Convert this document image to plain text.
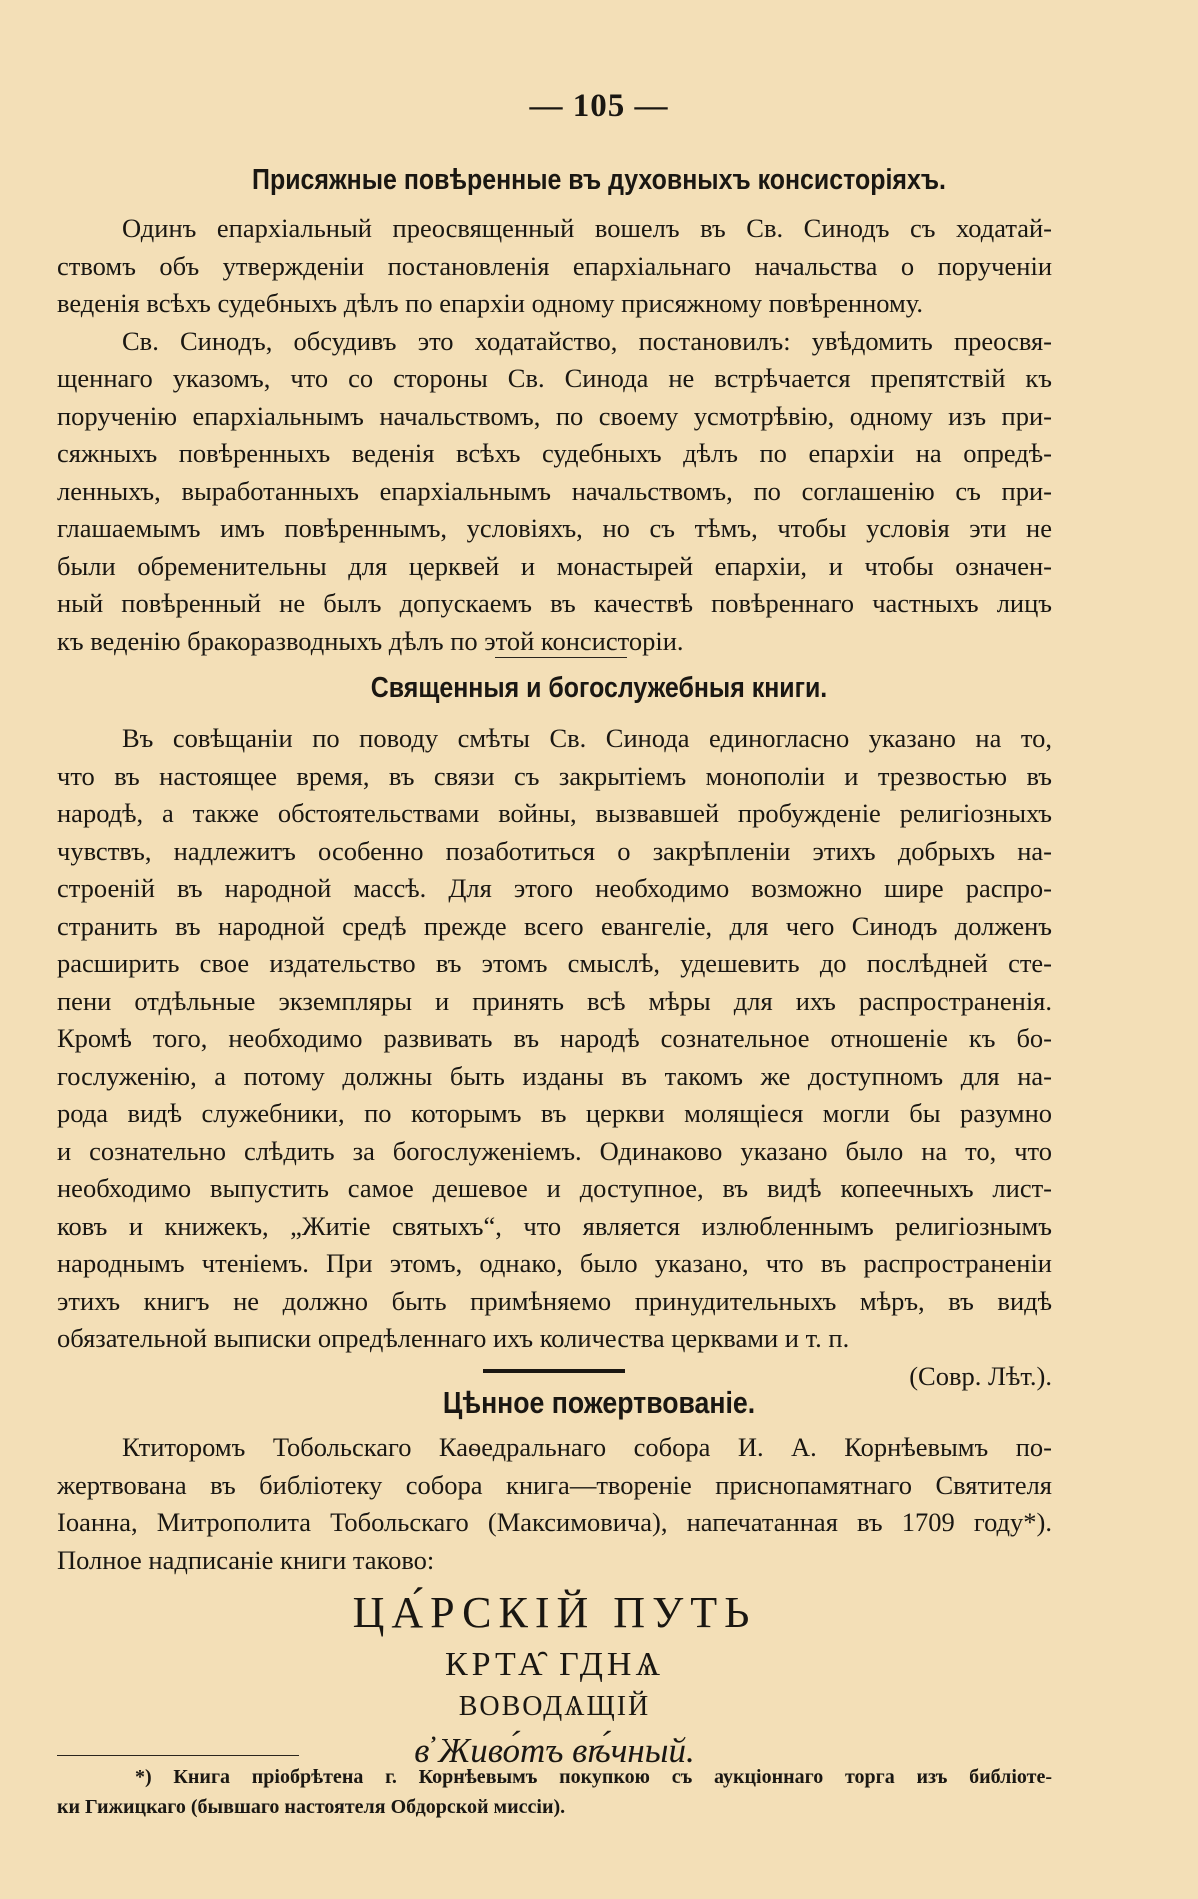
— 105 —
Присяжные повѣренные въ духовныхъ консисторіяхъ.
Одинъ епархіальный преосвященный вошелъ въ Св. Синодъ съ ходатай-
ствомъ объ утвержденіи постановленія епархіальнаго начальства о порученіи
веденія всѣхъ судебныхъ дѣлъ по епархіи одному присяжному повѣренному.
Св. Синодъ, обсудивъ это ходатайство, постановилъ: увѣдомить преосвя-
щеннаго указомъ, что со стороны Св. Синода не встрѣчается препятствій къ
порученію епархіальнымъ начальствомъ, по своему усмотрѣвію, одному изъ при-
сяжныхъ повѣренныхъ веденія всѣхъ судебныхъ дѣлъ по епархіи на опредѣ-
ленныхъ, выработанныхъ епархіальнымъ начальствомъ, по соглашенію съ при-
глашаемымъ имъ повѣреннымъ, условіяхъ, но съ тѣмъ, чтобы условія эти не
были обременительны для церквей и монастырей епархіи, и чтобы означен-
ный повѣренный не былъ допускаемъ въ качествѣ повѣреннаго частныхъ лицъ
къ веденію бракоразводныхъ дѣлъ по этой консисторіи.
Священныя и богослужебныя книги.
Въ совѣщаніи по поводу смѣты Св. Синода единогласно указано на то,
что въ настоящее время, въ связи съ закрытіемъ монополіи и трезвостью въ
народѣ, а также обстоятельствами войны, вызвавшей пробужденіе религіозныхъ
чувствъ, надлежитъ особенно позаботиться о закрѣпленіи этихъ добрыхъ на-
строеній въ народной массѣ. Для этого необходимо возможно шире распро-
странить въ народной средѣ прежде всего евангеліе, для чего Синодъ долженъ
расширить свое издательство въ этомъ смыслѣ, удешевить до послѣдней сте-
пени отдѣльные экземпляры и принять всѣ мѣры для ихъ распространенія.
Кромѣ того, необходимо развивать въ народѣ сознательное отношеніе къ бо-
гослуженію, а потому должны быть изданы въ такомъ же доступномъ для на-
рода видѣ служебники, по которымъ въ церкви молящіеся могли бы разумно
и сознательно слѣдить за богослуженіемъ. Одинаково указано было на то, что
необходимо выпустить самое дешевое и доступное, въ видѣ копеечныхъ лист-
ковъ и книжекъ, „Житіе святыхъ“, что является излюбленнымъ религіознымъ
народнымъ чтеніемъ. При этомъ, однако, было указано, что въ распространеніи
этихъ книгъ не должно быть примѣняемо принудительныхъ мѣръ, въ видѣ
обязательной выписки опредѣленнаго ихъ количества церквами и т. п.
(Совр. Лѣт.).
Цѣнное пожертвованіе.
Ктиторомъ Тобольскаго Каѳедральнаго собора И. А. Корнѣевымъ по-
жертвована въ библіотеку собора книга—твореніе приснопамятнаго Святителя
Іоанна, Митрополита Тобольскаго (Максимовича), напечатанная въ 1709 году*).
Полное надписаніе книги таково:
ЦА́РСКІЙ ПУТЬ
КРТА̑ ГДНѦ
ВОВОДѦЩІЙ
в̓ Живо́тъ вѣ́чный.
*) Книга пріобрѣтена г. Корнѣевымъ покупкою съ аукціоннаго торга изъ библіоте-
ки Гижицкаго (бывшаго настоятеля Обдорской миссіи).
